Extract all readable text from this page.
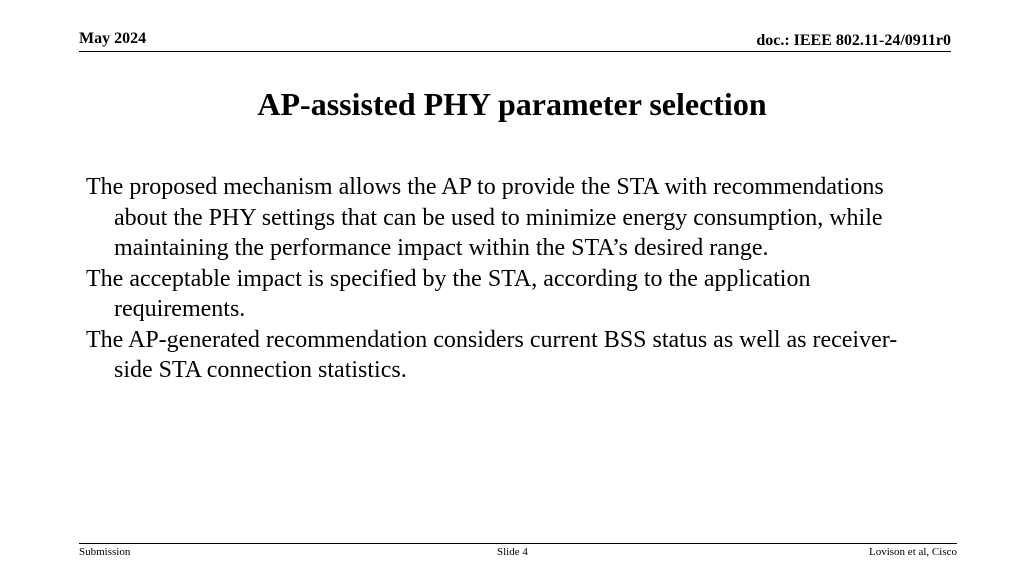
May 2024	doc.: IEEE 802.11-24/0911r0
AP-assisted PHY parameter selection

The proposed mechanism allows the AP to provide the STA with recommendations about the PHY settings that can be used to minimize energy consumption, while maintaining the performance impact within the STA’s desired range.

The acceptable impact is specified by the STA, according to the application requirements.

The AP-generated recommendation considers current BSS status as well as receiver-side STA connection statistics.

Submission	Slide 4	Lovison et al, Cisco
